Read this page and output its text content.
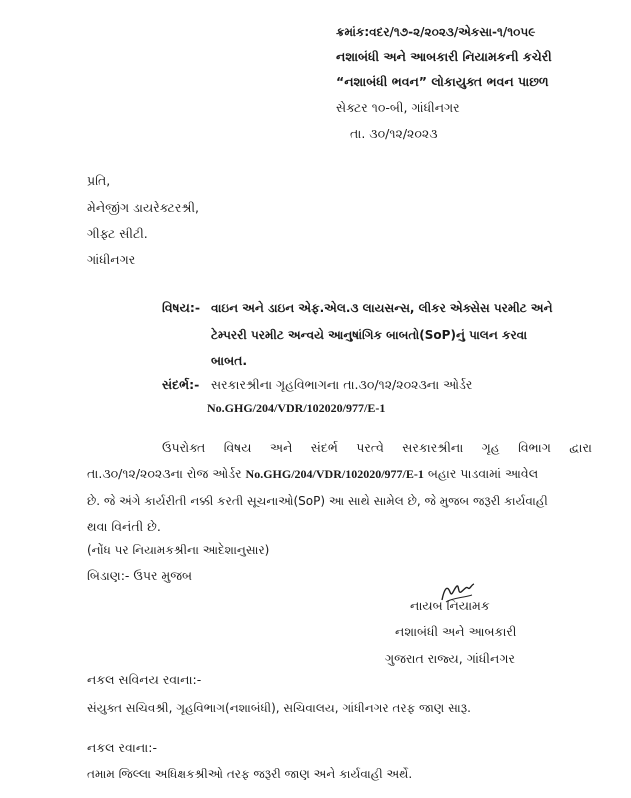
ક્રમાંક:વદર/૧૭-૨/૨૦૨૩/એકસા-૧/૧૦૫૯
નશાબંધી અને આબકારી નિયામકની કચેરી
“નશાબંધી ભવન” લોકાયુક્ત ભવન પાછળ
સેક્ટર ૧૦-બી, ગાંધીનગર
તા. ૩૦/૧૨/૨૦૨૩
પ્રતિ,
મેનેજીંગ ડાયરેક્ટરશ્રી,
ગીફ્ટ સીટી.
ગાંધીનગર
વિષય:- વાઇન અને ડાઇન એફ.એલ.૩ લાયસન્સ, લીકર એક્સેસ પરમીટ અને
ટેમ્પરરી પરમીટ અન્વયે આનુષાંગિક બાબતો(SoP)નું પાલન કરવા
બાબત.
સંદર્ભ:- સરકારશ્રીના ગૃહવિભાગના તા.૩૦/૧૨/૨૦૨૩ના ઓર્ડર
No.GHG/204/VDR/102020/977/E-1
ઉપરોક્ત વિષય અને સંદર્ભ પરત્વે સરકારશ્રીના ગૃહ વિભાગ દ્વારા
તા.૩૦/૧૨/૨૦૨૩ના રોજ ઓર્ડર No.GHG/204/VDR/102020/977/E-1 બહાર પાડવામાં આવેલ
છે. જે અંગે કાર્યરીતી નક્કી કરતી સૂચનાઓ(SoP) આ સાથે સામેલ છે, જે મુજબ જરૂરી કાર્યવાહી
થવા વિનંતી છે.
(નોંધ પર નિયામકશ્રીના આદેશાનુસાર)
બિડાણ:- ઉપર મુજબ
નાયબ નિયામક
નશાબંધી અને આબકારી
ગુજરાત રાજ્ય, ગાંધીનગર
નકલ સવિનય રવાના:-
સંયુક્ત સચિવશ્રી, ગૃહવિભાગ(નશાબંધી), સચિવાલય, ગાંધીનગર તરફ જાણ સારૂ.
નકલ રવાના:-
તમામ જિલ્લા અધિક્ષકશ્રીઓ તરફ જરૂરી જાણ અને કાર્યવાહી અર્થે.
